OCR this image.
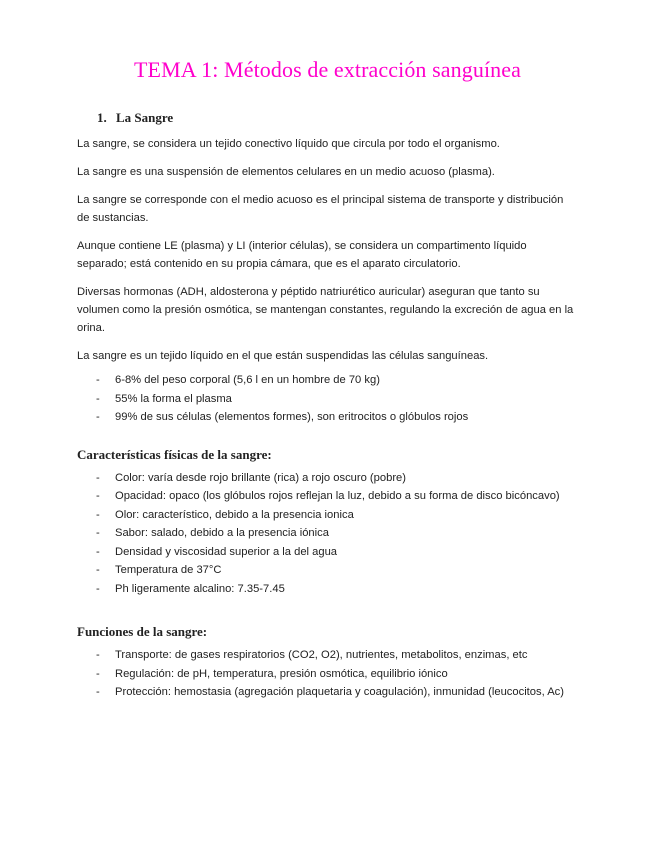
TEMA 1: Métodos de extracción sanguínea
1. La Sangre

La sangre, se considera un tejido conectivo líquido que circula por todo el organismo.

La sangre es una suspensión de elementos celulares en un medio acuoso (plasma).

La sangre se corresponde con el medio acuoso es el principal sistema de transporte y distribución de sustancias.

Aunque contiene LE (plasma) y LI (interior células), se considera un compartimento líquido separado; está contenido en su propia cámara, que es el aparato circulatorio.

Diversas hormonas (ADH, aldosterona y péptido natriurético auricular) aseguran que tanto su volumen como la presión osmótica, se mantengan constantes, regulando la excreción de agua en la orina.

La sangre es un tejido líquido en el que están suspendidas las células sanguíneas.

- 6-8% del peso corporal (5,6 l en un hombre de 70 kg)
- 55% la forma el plasma
- 99% de sus células (elementos formes), son eritrocitos o glóbulos rojos
Características físicas de la sangre:
- Color: varía desde rojo brillante (rica) a rojo oscuro (pobre)
- Opacidad: opaco (los glóbulos rojos reflejan la luz, debido a su forma de disco bicóncavo)
- Olor: característico, debido a la presencia ionica
- Sabor: salado, debido a la presencia iónica
- Densidad y viscosidad superior a la del agua
- Temperatura de 37°C
- Ph ligeramente alcalino: 7.35-7.45
Funciones de la sangre:
- Transporte: de gases respiratorios (CO2, O2), nutrientes, metabolitos, enzimas, etc
- Regulación: de pH, temperatura, presión osmótica, equilibrio iónico
- Protección: hemostasia (agregación plaquetaria y coagulación), inmunidad (leucocitos, Ac)
